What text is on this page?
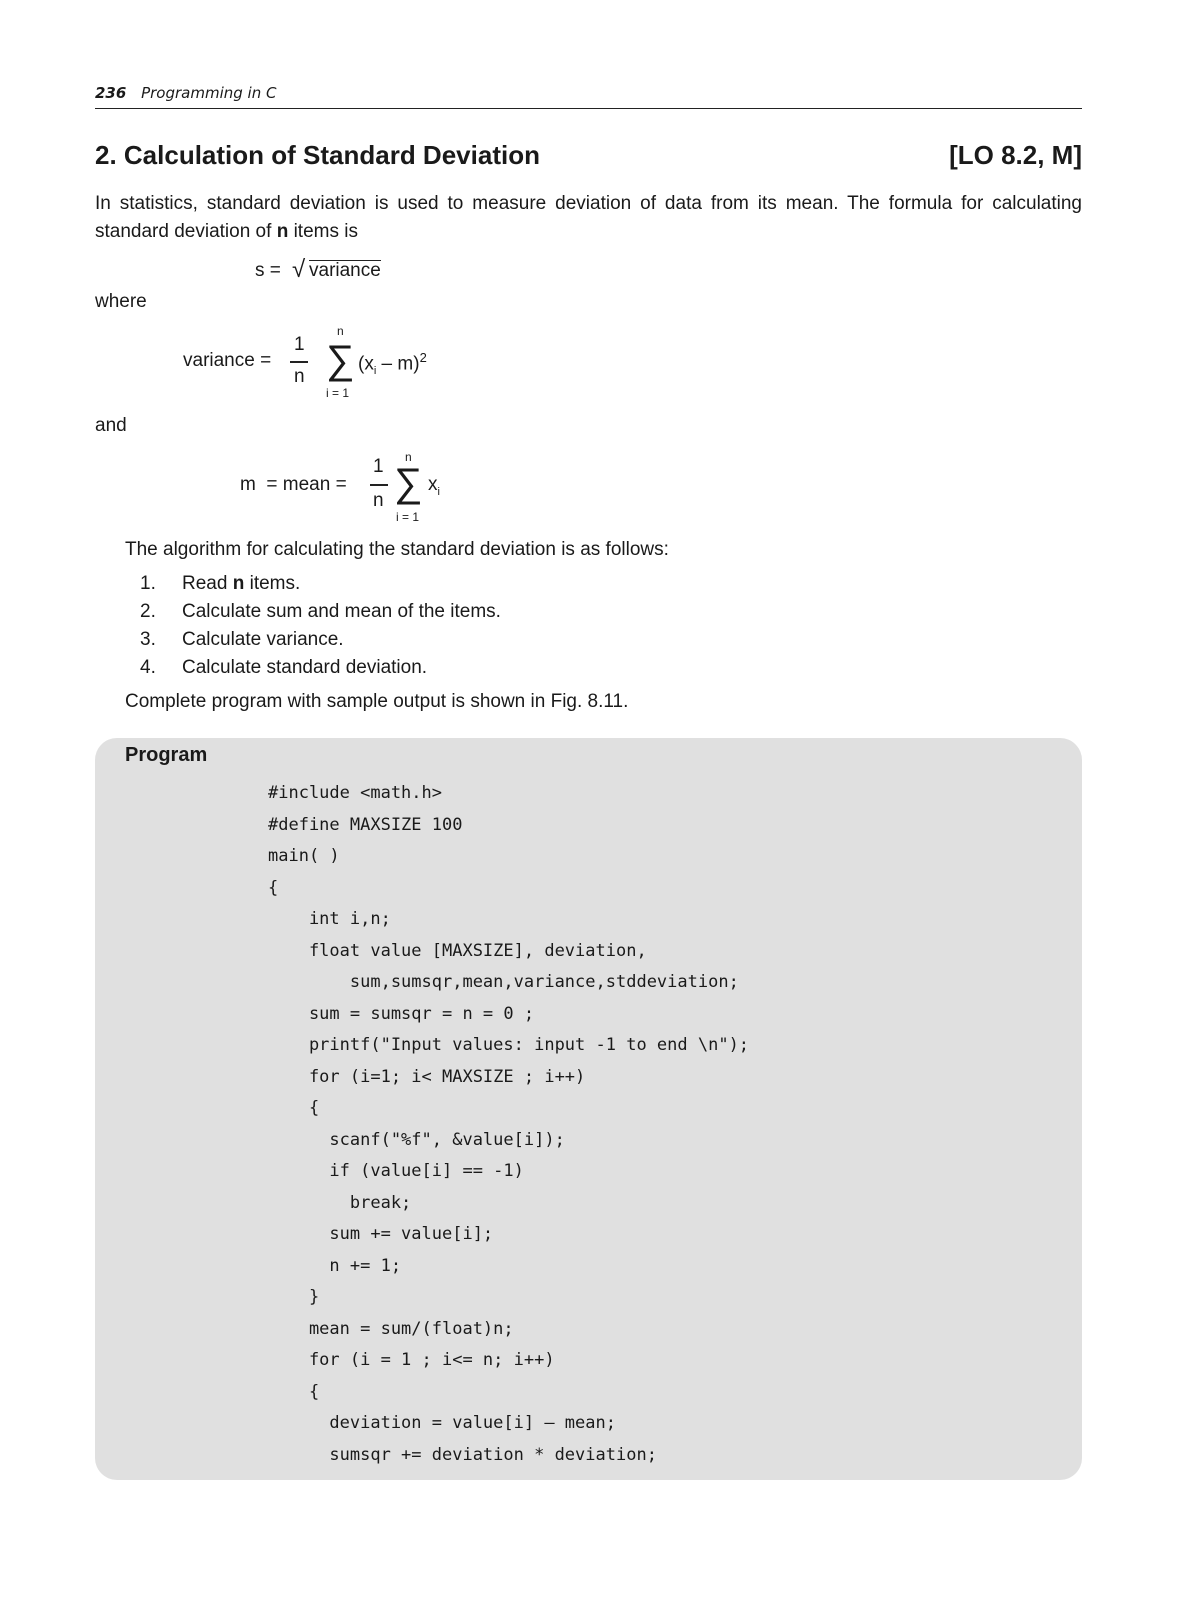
236 Programming in C
2. Calculation of Standard Deviation	[LO 8.2, M]
In statistics, standard deviation is used to measure deviation of data from its mean. The formula for calculating standard deviation of n items is
s = √ variance
where
variance =
1
n
n
∑
i = 1
$(x_i - m)^2$
and
m  = mean =
1
n
n
∑
i = 1
$x_i$
The algorithm for calculating the standard deviation is as follows:
1.	Read n items.
2.	Calculate sum and mean of the items.
3.	Calculate variance.
4.	Calculate standard deviation.
Complete program with sample output is shown in Fig. 8.11.
Program
#include <math.h>
#define MAXSIZE 100
main( )
{
int i,n;
float value [MAXSIZE], deviation,
sum,sumsqr,mean,variance,stddeviation;
sum = sumsqr = n = 0 ;
printf("Input values: input -1 to end \n");
for (i=1; i< MAXSIZE ; i++)
{
scanf("%f", &value[i]);
if (value[i] == -1)
break;
sum += value[i];
n += 1;
}
mean = sum/(float)n;
for (i = 1 ; i<= n; i++)
{
deviation = value[i] – mean;
sumsqr += deviation * deviation;
